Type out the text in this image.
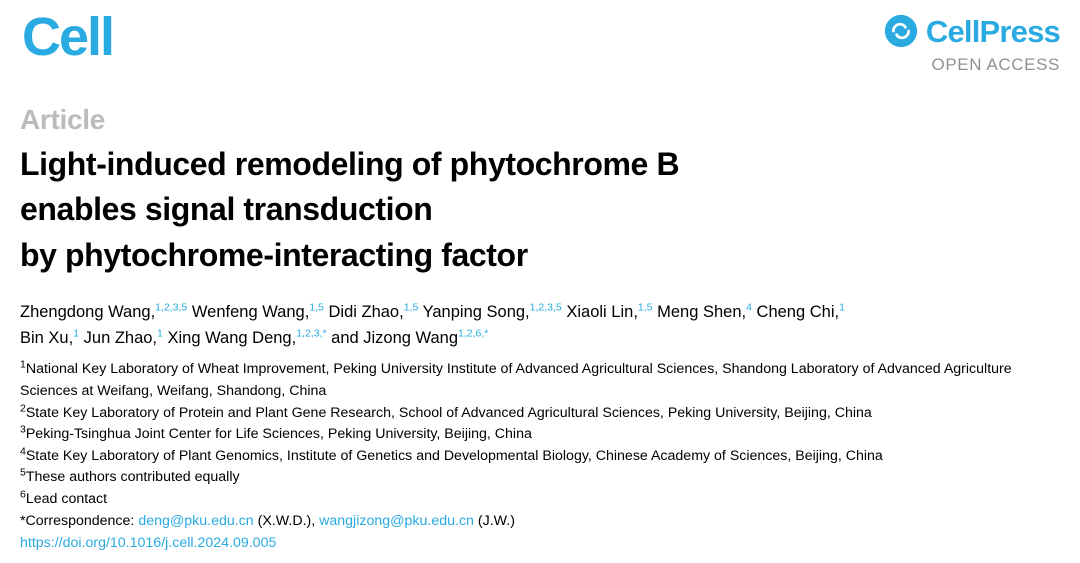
Cell	CellPress
OPEN ACCESS
Article
Light-induced remodeling of phytochrome B
enables signal transduction
by phytochrome-interacting factor
Zhengdong Wang,$^{1,2,3,5}$ Wenfeng Wang,$^{1,5}$ Didi Zhao,$^{1,5}$ Yanping Song,$^{1,2,3,5}$ Xiaoli Lin,$^{1,5}$ Meng Shen,$^4$ Cheng Chi,$^1$
Bin Xu,$^1$ Jun Zhao,$^1$ Xing Wang Deng,$^{1,2,3,*}$ and Jizong Wang$^{1,2,6,*}$
$^1$National Key Laboratory of Wheat Improvement, Peking University Institute of Advanced Agricultural Sciences, Shandong Laboratory of Advanced Agriculture Sciences at Weifang, Weifang, Shandong, China
$^2$State Key Laboratory of Protein and Plant Gene Research, School of Advanced Agricultural Sciences, Peking University, Beijing, China
$^3$Peking-Tsinghua Joint Center for Life Sciences, Peking University, Beijing, China
$^4$State Key Laboratory of Plant Genomics, Institute of Genetics and Developmental Biology, Chinese Academy of Sciences, Beijing, China
$^5$These authors contributed equally
$^6$Lead contact
*Correspondence: deng@pku.edu.cn (X.W.D.), wangjizong@pku.edu.cn (J.W.)
https://doi.org/10.1016/j.cell.2024.09.005
